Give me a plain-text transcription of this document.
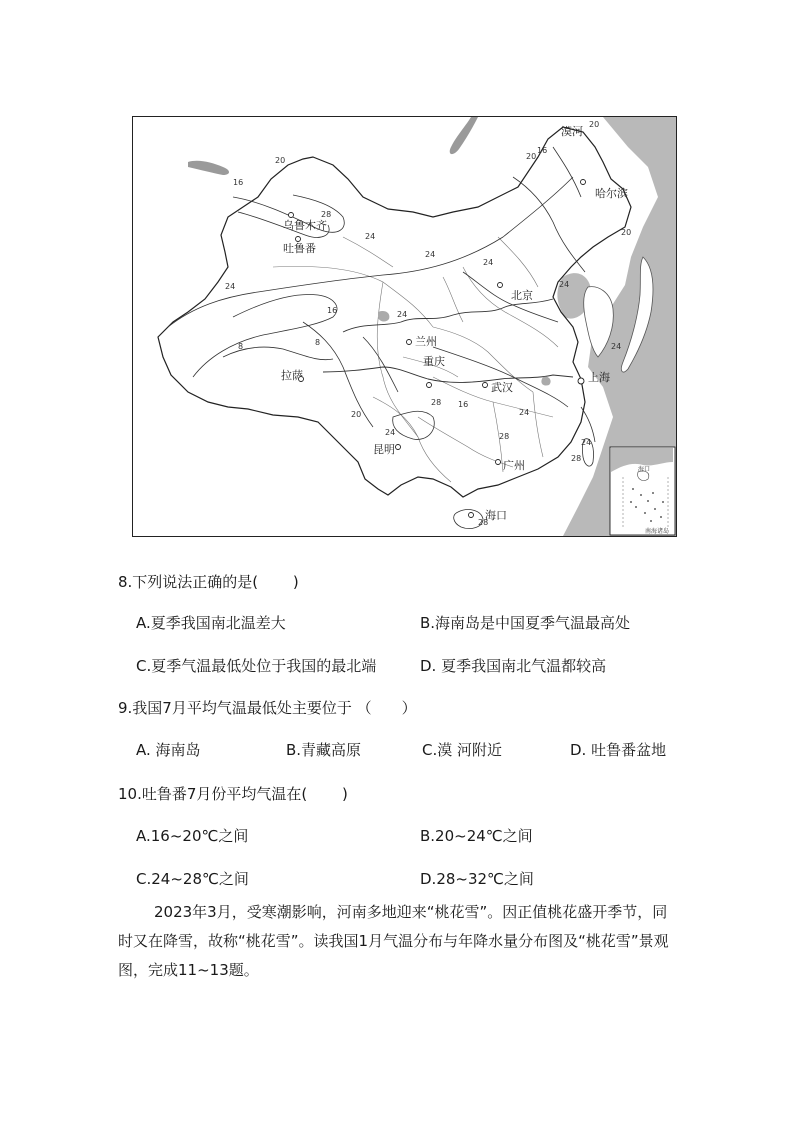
漠河
哈尔滨
乌鲁木齐
吐鲁番
北京
兰州
拉萨
重庆
武汉
上海
昆明
广州
海口
20
16
20
16
20
24
28
24
24
24
16
8	8
24
24
24
28
20
24
28
28
20
24
28
24
16
海口
南海诸岛
8.下列说法正确的是(　　 )
A.夏季我国南北温差大	B.海南岛是中国夏季气温最高处
C.夏季气温最低处位于我国的最北端	D. 夏季我国南北气温都较高
9.我国7月平均气温最低处主要位于 （　　）
A. 海南岛	B.青藏高原	C.漠 河附近	D. 吐鲁番盆地
10.吐鲁番7月份平均气温在(　　 )
A.16~20℃之间	B.20~24℃之间
C.24~28℃之间	D.28~32℃之间
2023年3月，受寒潮影响，河南多地迎来“桃花雪”。因正值桃花盛开季节，同时又在降雪，故称“桃花雪”。读我国1月气温分布与年降水量分布图及“桃花雪”景观图，完成11~13题。
